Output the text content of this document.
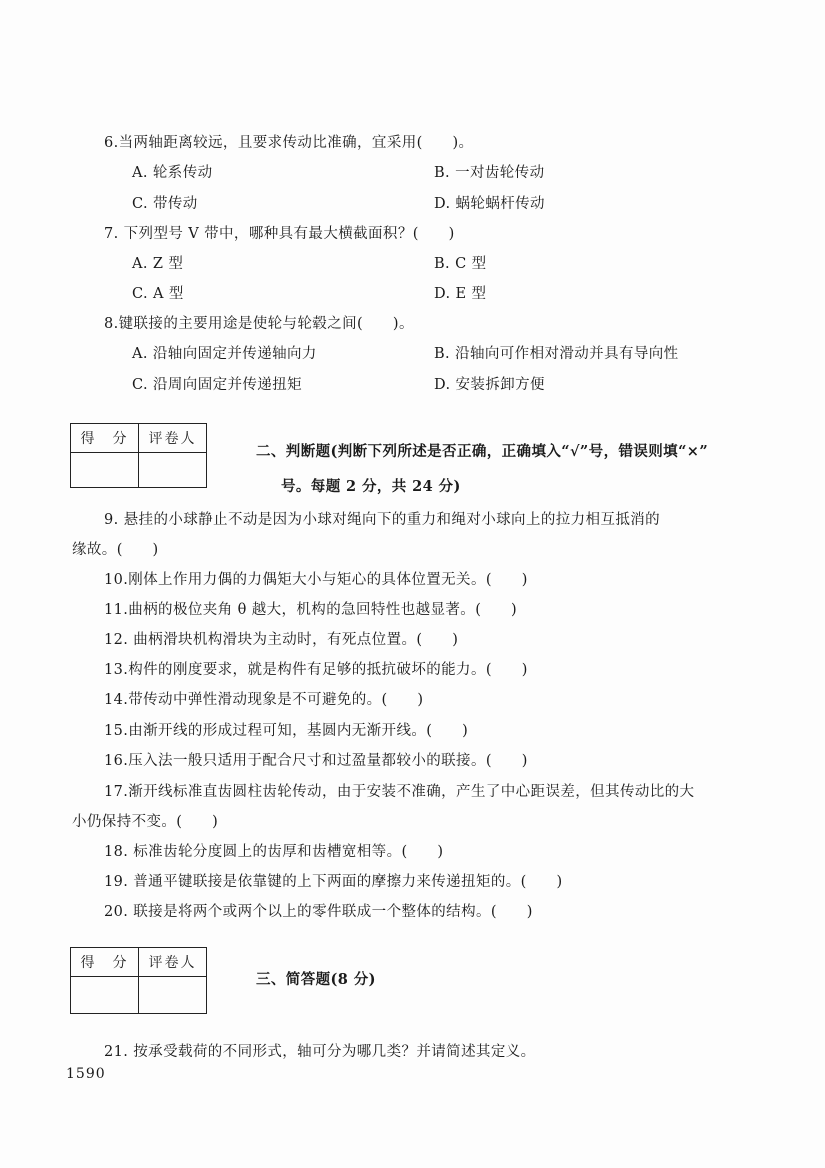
6.当两轴距离较远，且要求传动比准确，宜采用(　　)。
A. 轮系传动	B. 一对齿轮传动
C. 带传动	D. 蜗轮蜗杆传动
7. 下列型号 V 带中，哪种具有最大横截面积？(　　)
A. Z 型	B. C 型
C. A 型	D. E 型
8.键联接的主要用途是使轮与轮毂之间(　　)。
A. 沿轴向固定并传递轴向力	B. 沿轴向可作相对滑动并具有导向性
C. 沿周向固定并传递扭矩	D. 安装拆卸方便
得　分	评卷人

二、判断题(判断下列所述是否正确，正确填入“√”号，错误则填“×”
号。每题 2 分，共 24 分)
9. 悬挂的小球静止不动是因为小球对绳向下的重力和绳对小球向上的拉力相互抵消的
缘故。(　　)
10.刚体上作用力偶的力偶矩大小与矩心的具体位置无关。(　　)
11.曲柄的极位夹角 θ 越大，机构的急回特性也越显著。(　　)
12. 曲柄滑块机构滑块为主动时，有死点位置。(　　)
13.构件的刚度要求，就是构件有足够的抵抗破坏的能力。(　　)
14.带传动中弹性滑动现象是不可避免的。(　　)
15.由渐开线的形成过程可知，基圆内无渐开线。(　　)
16.压入法一般只适用于配合尺寸和过盈量都较小的联接。(　　)
17.渐开线标准直齿圆柱齿轮传动，由于安装不准确，产生了中心距误差，但其传动比的大
小仍保持不变。(　　)
18. 标准齿轮分度圆上的齿厚和齿槽宽相等。(　　)
19. 普通平键联接是依靠键的上下两面的摩擦力来传递扭矩的。(　　)
20. 联接是将两个或两个以上的零件联成一个整体的结构。(　　)
得　分	评卷人

三、简答题(8 分)
21. 按承受载荷的不同形式，轴可分为哪几类？并请简述其定义。
1590
